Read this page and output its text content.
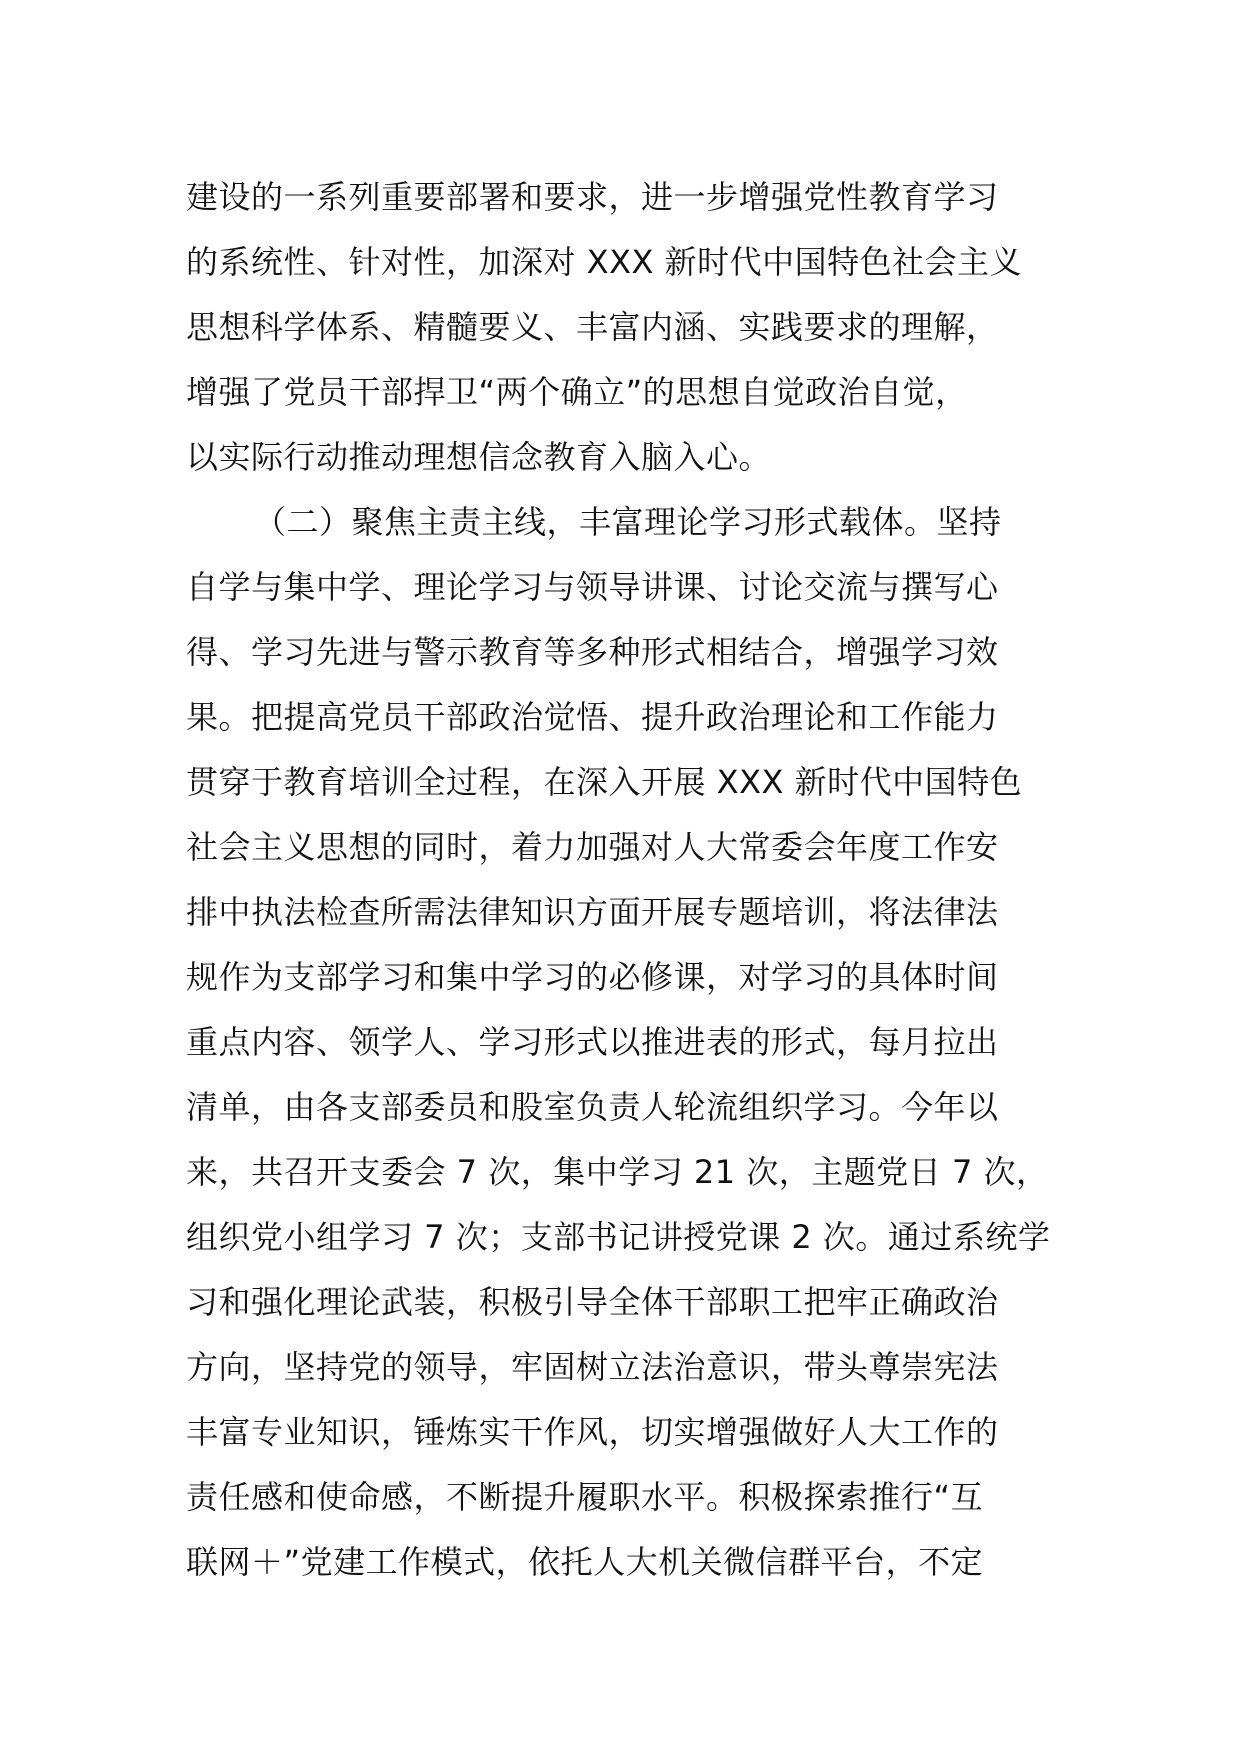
建设的一系列重要部署和要求，进一步增强党性教育学习
的系统性、针对性，加深对 XXX 新时代中国特色社会主义
思想科学体系、精髓要义、丰富内涵、实践要求的理解，
增强了党员干部捍卫“两个确立”的思想自觉政治自觉，
以实际行动推动理想信念教育入脑入心。
（二）聚焦主责主线，丰富理论学习形式载体。坚持
自学与集中学、理论学习与领导讲课、讨论交流与撰写心
得、学习先进与警示教育等多种形式相结合，增强学习效
果。把提高党员干部政治觉悟、提升政治理论和工作能力
贯穿于教育培训全过程，在深入开展 XXX 新时代中国特色
社会主义思想的同时，着力加强对人大常委会年度工作安
排中执法检查所需法律知识方面开展专题培训，将法律法
规作为支部学习和集中学习的必修课，对学习的具体时间
重点内容、领学人、学习形式以推进表的形式，每月拉出
清单，由各支部委员和股室负责人轮流组织学习。今年以
来，共召开支委会 7 次，集中学习 21 次，主题党日 7 次，
组织党小组学习 7 次；支部书记讲授党课 2 次。通过系统学
习和强化理论武装，积极引导全体干部职工把牢正确政治
方向，坚持党的领导，牢固树立法治意识，带头尊崇宪法
丰富专业知识，锤炼实干作风，切实增强做好人大工作的
责任感和使命感，不断提升履职水平。积极探索推行“互
联网＋”党建工作模式，依托人大机关微信群平台，不定
